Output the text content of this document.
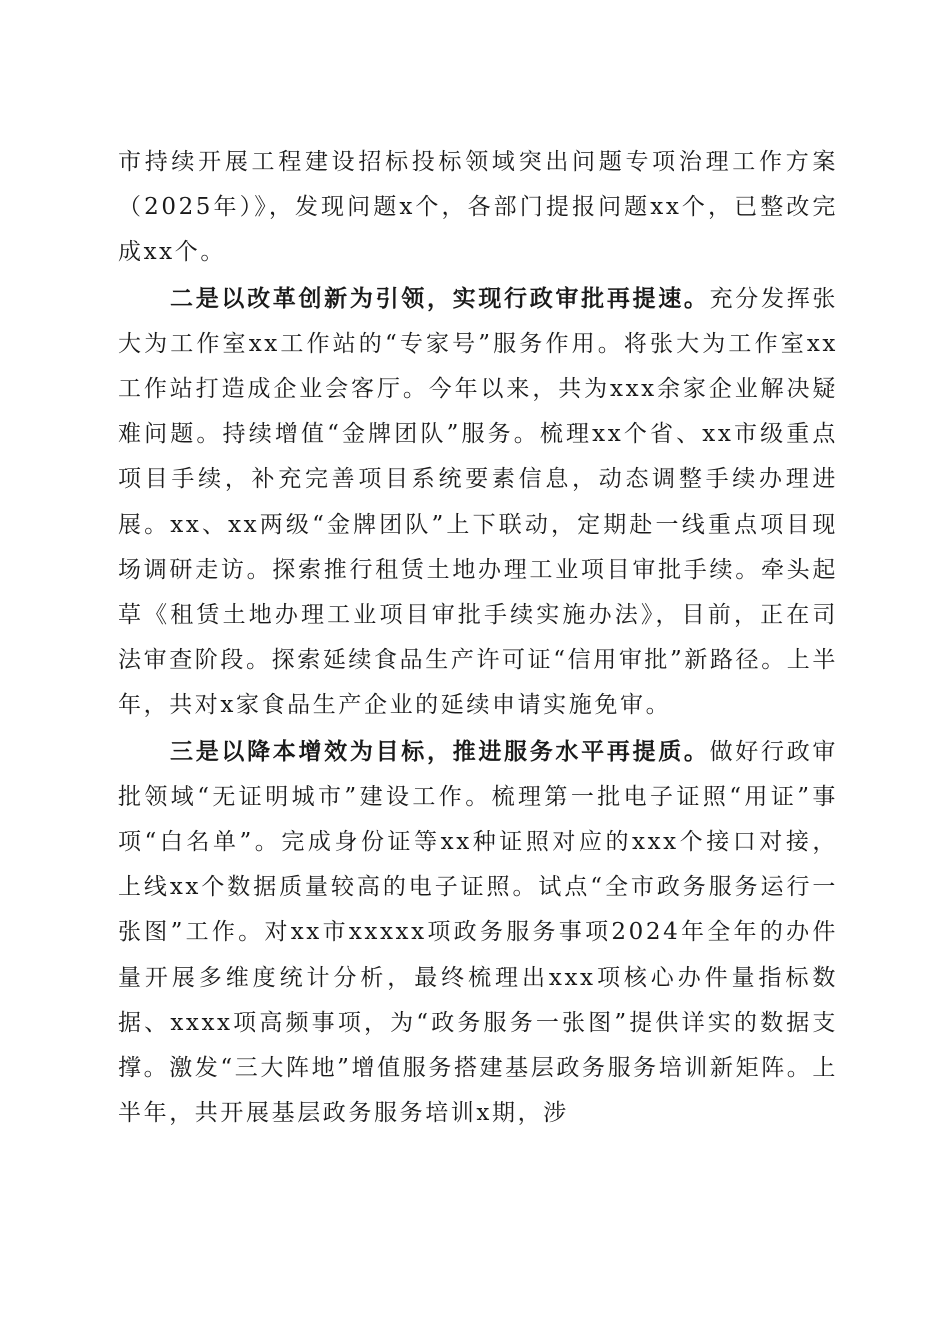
市持续开展工程建设招标投标领域突出问题专项治理工作方案（2025年）》，发现问题x个，各部门提报问题xx个，已整改完成xx个。

二是以改革创新为引领，实现行政审批再提速。充分发挥张大为工作室xx工作站的“专家号”服务作用。将张大为工作室xx工作站打造成企业会客厅。今年以来，共为xxx余家企业解决疑难问题。持续增值“金牌团队”服务。梳理xx个省、xx市级重点项目手续，补充完善项目系统要素信息，动态调整手续办理进展。xx、xx两级“金牌团队”上下联动，定期赴一线重点项目现场调研走访。探索推行租赁土地办理工业项目审批手续。牵头起草《租赁土地办理工业项目审批手续实施办法》，目前，正在司法审查阶段。探索延续食品生产许可证“信用审批”新路径。上半年，共对x家食品生产企业的延续申请实施免审。

三是以降本增效为目标，推进服务水平再提质。做好行政审批领域“无证明城市”建设工作。梳理第一批电子证照“用证”事项“白名单”。完成身份证等xx种证照对应的xxx个接口对接，上线xx个数据质量较高的电子证照。试点“全市政务服务运行一张图”工作。对xx市xxxxx项政务服务事项2024年全年的办件量开展多维度统计分析，最终梳理出xxx项核心办件量指标数据、xxxx项高频事项，为“政务服务一张图”提供详实的数据支撑。激发“三大阵地”增值服务搭建基层政务服务培训新矩阵。上半年，共开展基层政务服务培训x期，涉
